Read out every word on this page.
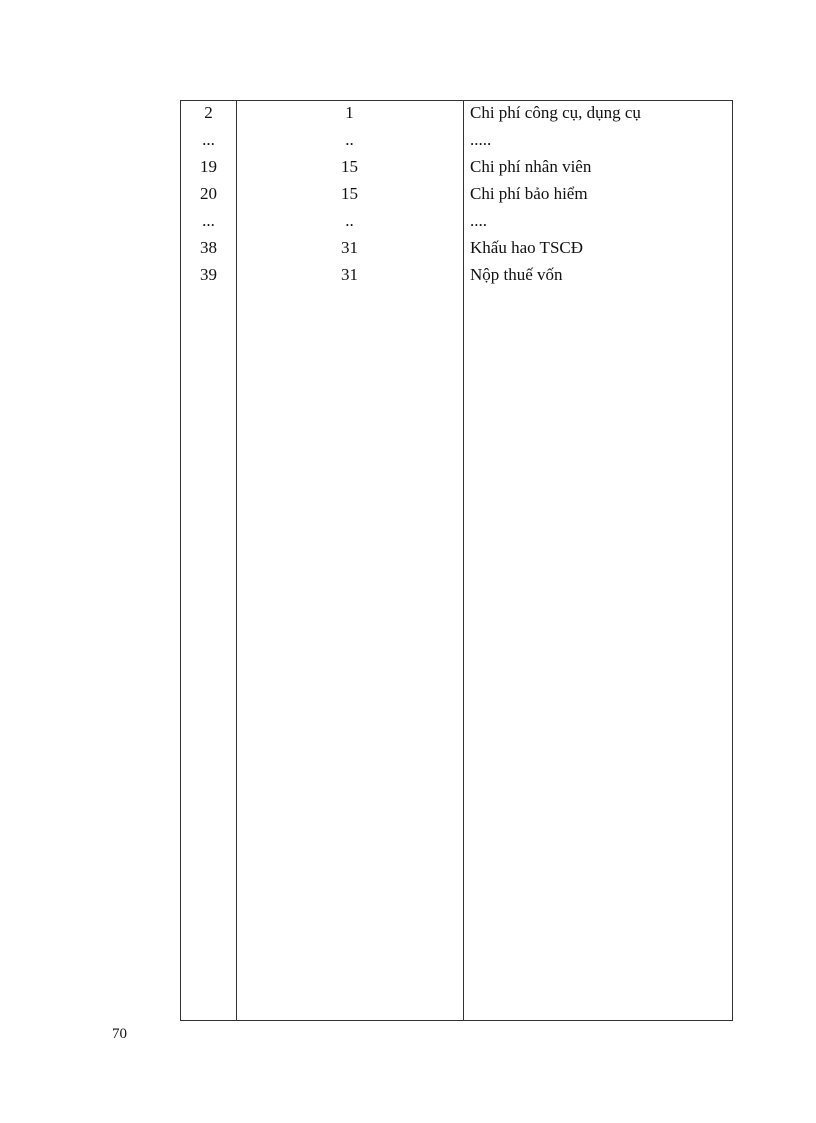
2	1	Chi phí công cụ, dụng cụ
...	..	.....
19	15	Chi phí nhân viên
20	15	Chi phí bảo hiểm
...	..	....
38	31	Khấu hao TSCĐ
39	31	Nộp thuế vốn
70
